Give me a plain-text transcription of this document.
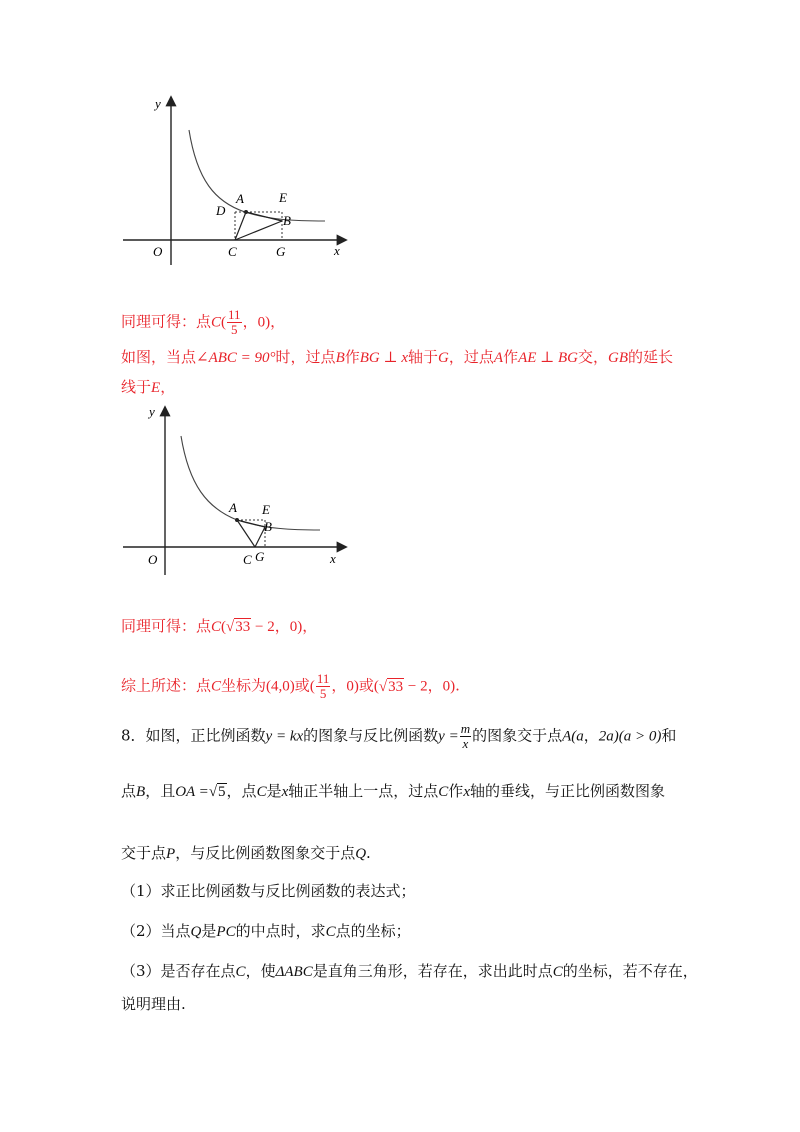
y
x
O
A
B
C
D
E
G
同理可得：点$C( \frac{11}{5}$ ，0)，
如图，当点∠ABC = 90°时，过点B作BG ⊥ x轴于G，过点A作AE ⊥ BG交，GB的延长
线于E，
y
x
O
A
B
C
E
G
同理可得：点C(√33 − 2，0)，
综上所述：点C坐标为(4,0)或( $\frac{11}{5}$ ，0)或(√33 − 2，0).
8．如图，正比例函数y = kx的图象与反比例函数$y = \frac{m}{x}$ 的图象交于点A(a，2a)(a > 0)和
点B，且OA =√5，点C是x轴正半轴上一点，过点C作x轴的垂线，与正比例函数图象
交于点P，与反比例函数图象交于点Q.
（1）求正比例函数与反比例函数的表达式；
（2）当点Q是PC的中点时，求C点的坐标；
（3）是否存在点C，使ΔABC是直角三角形，若存在，求出此时点C的坐标，若不存在，
说明理由.
